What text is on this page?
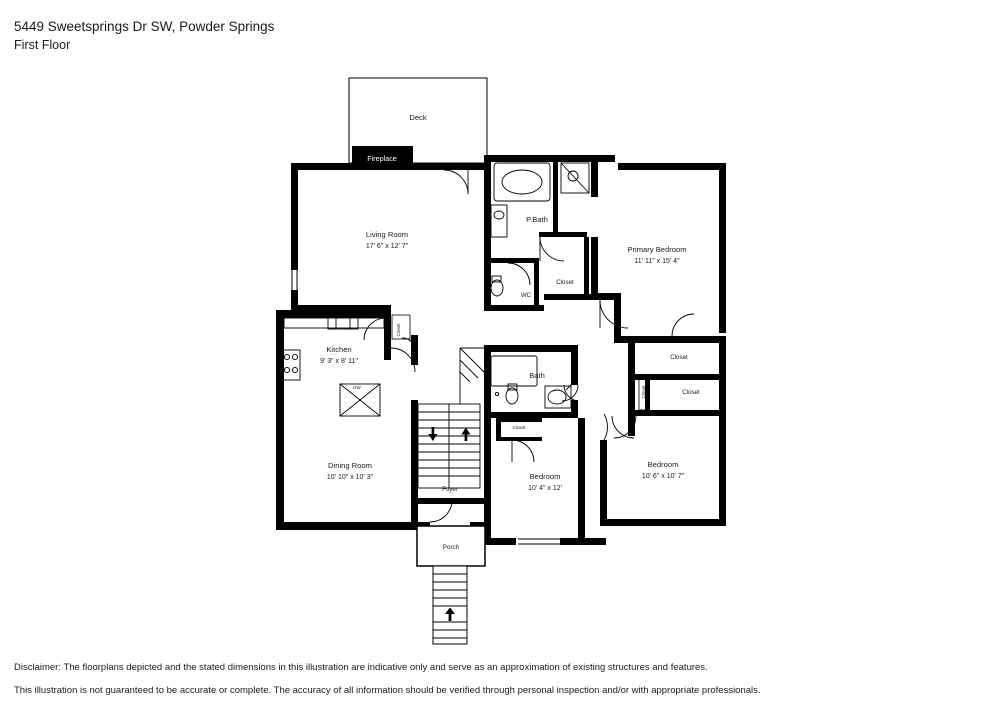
5449 Sweetsprings Dr SW, Powder Springs
First Floor
Deck
Fireplace
Living Room
17' 6" x 12' 7"
P.Bath
WC
Closet
Primary Bedroom
11' 11" x 15' 4"
Kitchen
9' 3" x 8' 11"
DW
Closet
Bath
Closet
Closet
Closet
Closet
Dining Room
10' 10" x 10' 3"	Bedroom
10' 4" x 12'
Bedroom
10' 6" x 10' 7"
Foyer
Porch

Disclaimer: The floorplans depicted and the stated dimensions in this illustration are indicative only and serve as an approximation of existing structures and features.

This illustration is not guaranteed to be accurate or complete. The accuracy of all information should be verified through personal inspection and/or with appropriate professionals.
